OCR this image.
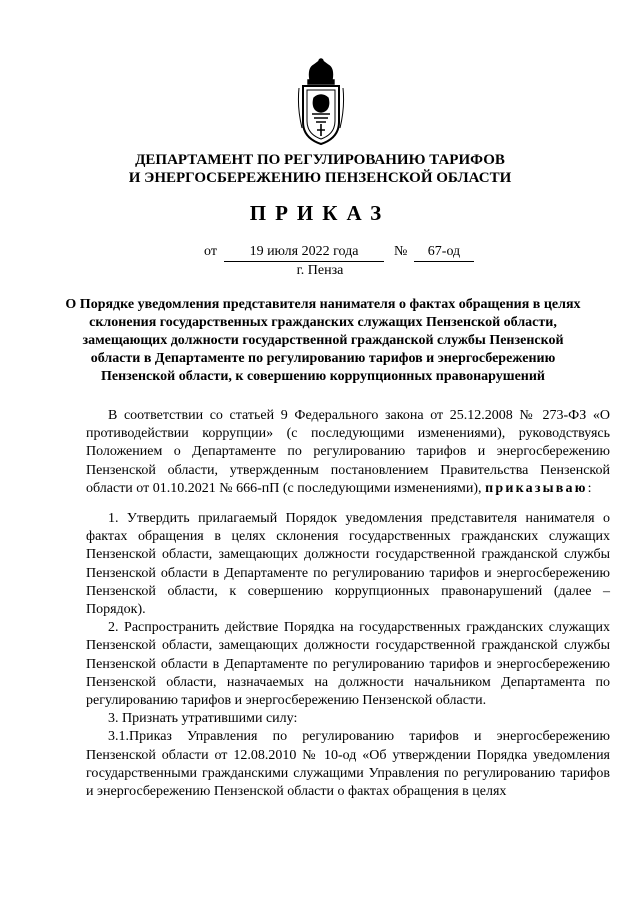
ДЕПАРТАМЕНТ ПО РЕГУЛИРОВАНИЮ ТАРИФОВ
И ЭНЕРГОСБЕРЕЖЕНИЮ ПЕНЗЕНСКОЙ ОБЛАСТИ
ПРИКАЗ
от	19 июля 2022 года	№	67-од
г. Пенза
О Порядке уведомления представителя нанимателя о фактах обращения в целях склонения государственных гражданских служащих Пензенской области, замещающих должности государственной гражданской службы Пензенской области в Департаменте по регулированию тарифов и энергосбережению Пензенской области, к совершению коррупционных правонарушений

В соответствии со статьей 9 Федерального закона от 25.12.2008 № 273-ФЗ «О противодействии коррупции» (с последующими изменениями), руководствуясь Положением о Департаменте по регулированию тарифов и энергосбережению Пензенской области, утвержденным постановлением Правительства Пензенской области от 01.10.2021 № 666-пП (с последующими изменениями), приказываю:

1. Утвердить прилагаемый Порядок уведомления представителя нанимателя о фактах обращения в целях склонения государственных гражданских служащих Пензенской области, замещающих должности государственной гражданской службы Пензенской области в Департаменте по регулированию тарифов и энергосбережению Пензенской области, к совершению коррупционных правонарушений (далее – Порядок).

2. Распространить действие Порядка на государственных гражданских служащих Пензенской области, замещающих должности государственной гражданской службы Пензенской области в Департаменте по регулированию тарифов и энергосбережению Пензенской области, назначаемых на должности начальником Департамента по регулированию тарифов и энергосбережению Пензенской области.

3. Признать утратившими силу:

3.1.Приказ Управления по регулированию тарифов и энергосбережению Пензенской области от 12.08.2010 № 10-од «Об утверждении Порядка уведомления государственными гражданскими служащими Управления по регулированию тарифов и энергосбережению Пензенской области о фактах обращения в целях
